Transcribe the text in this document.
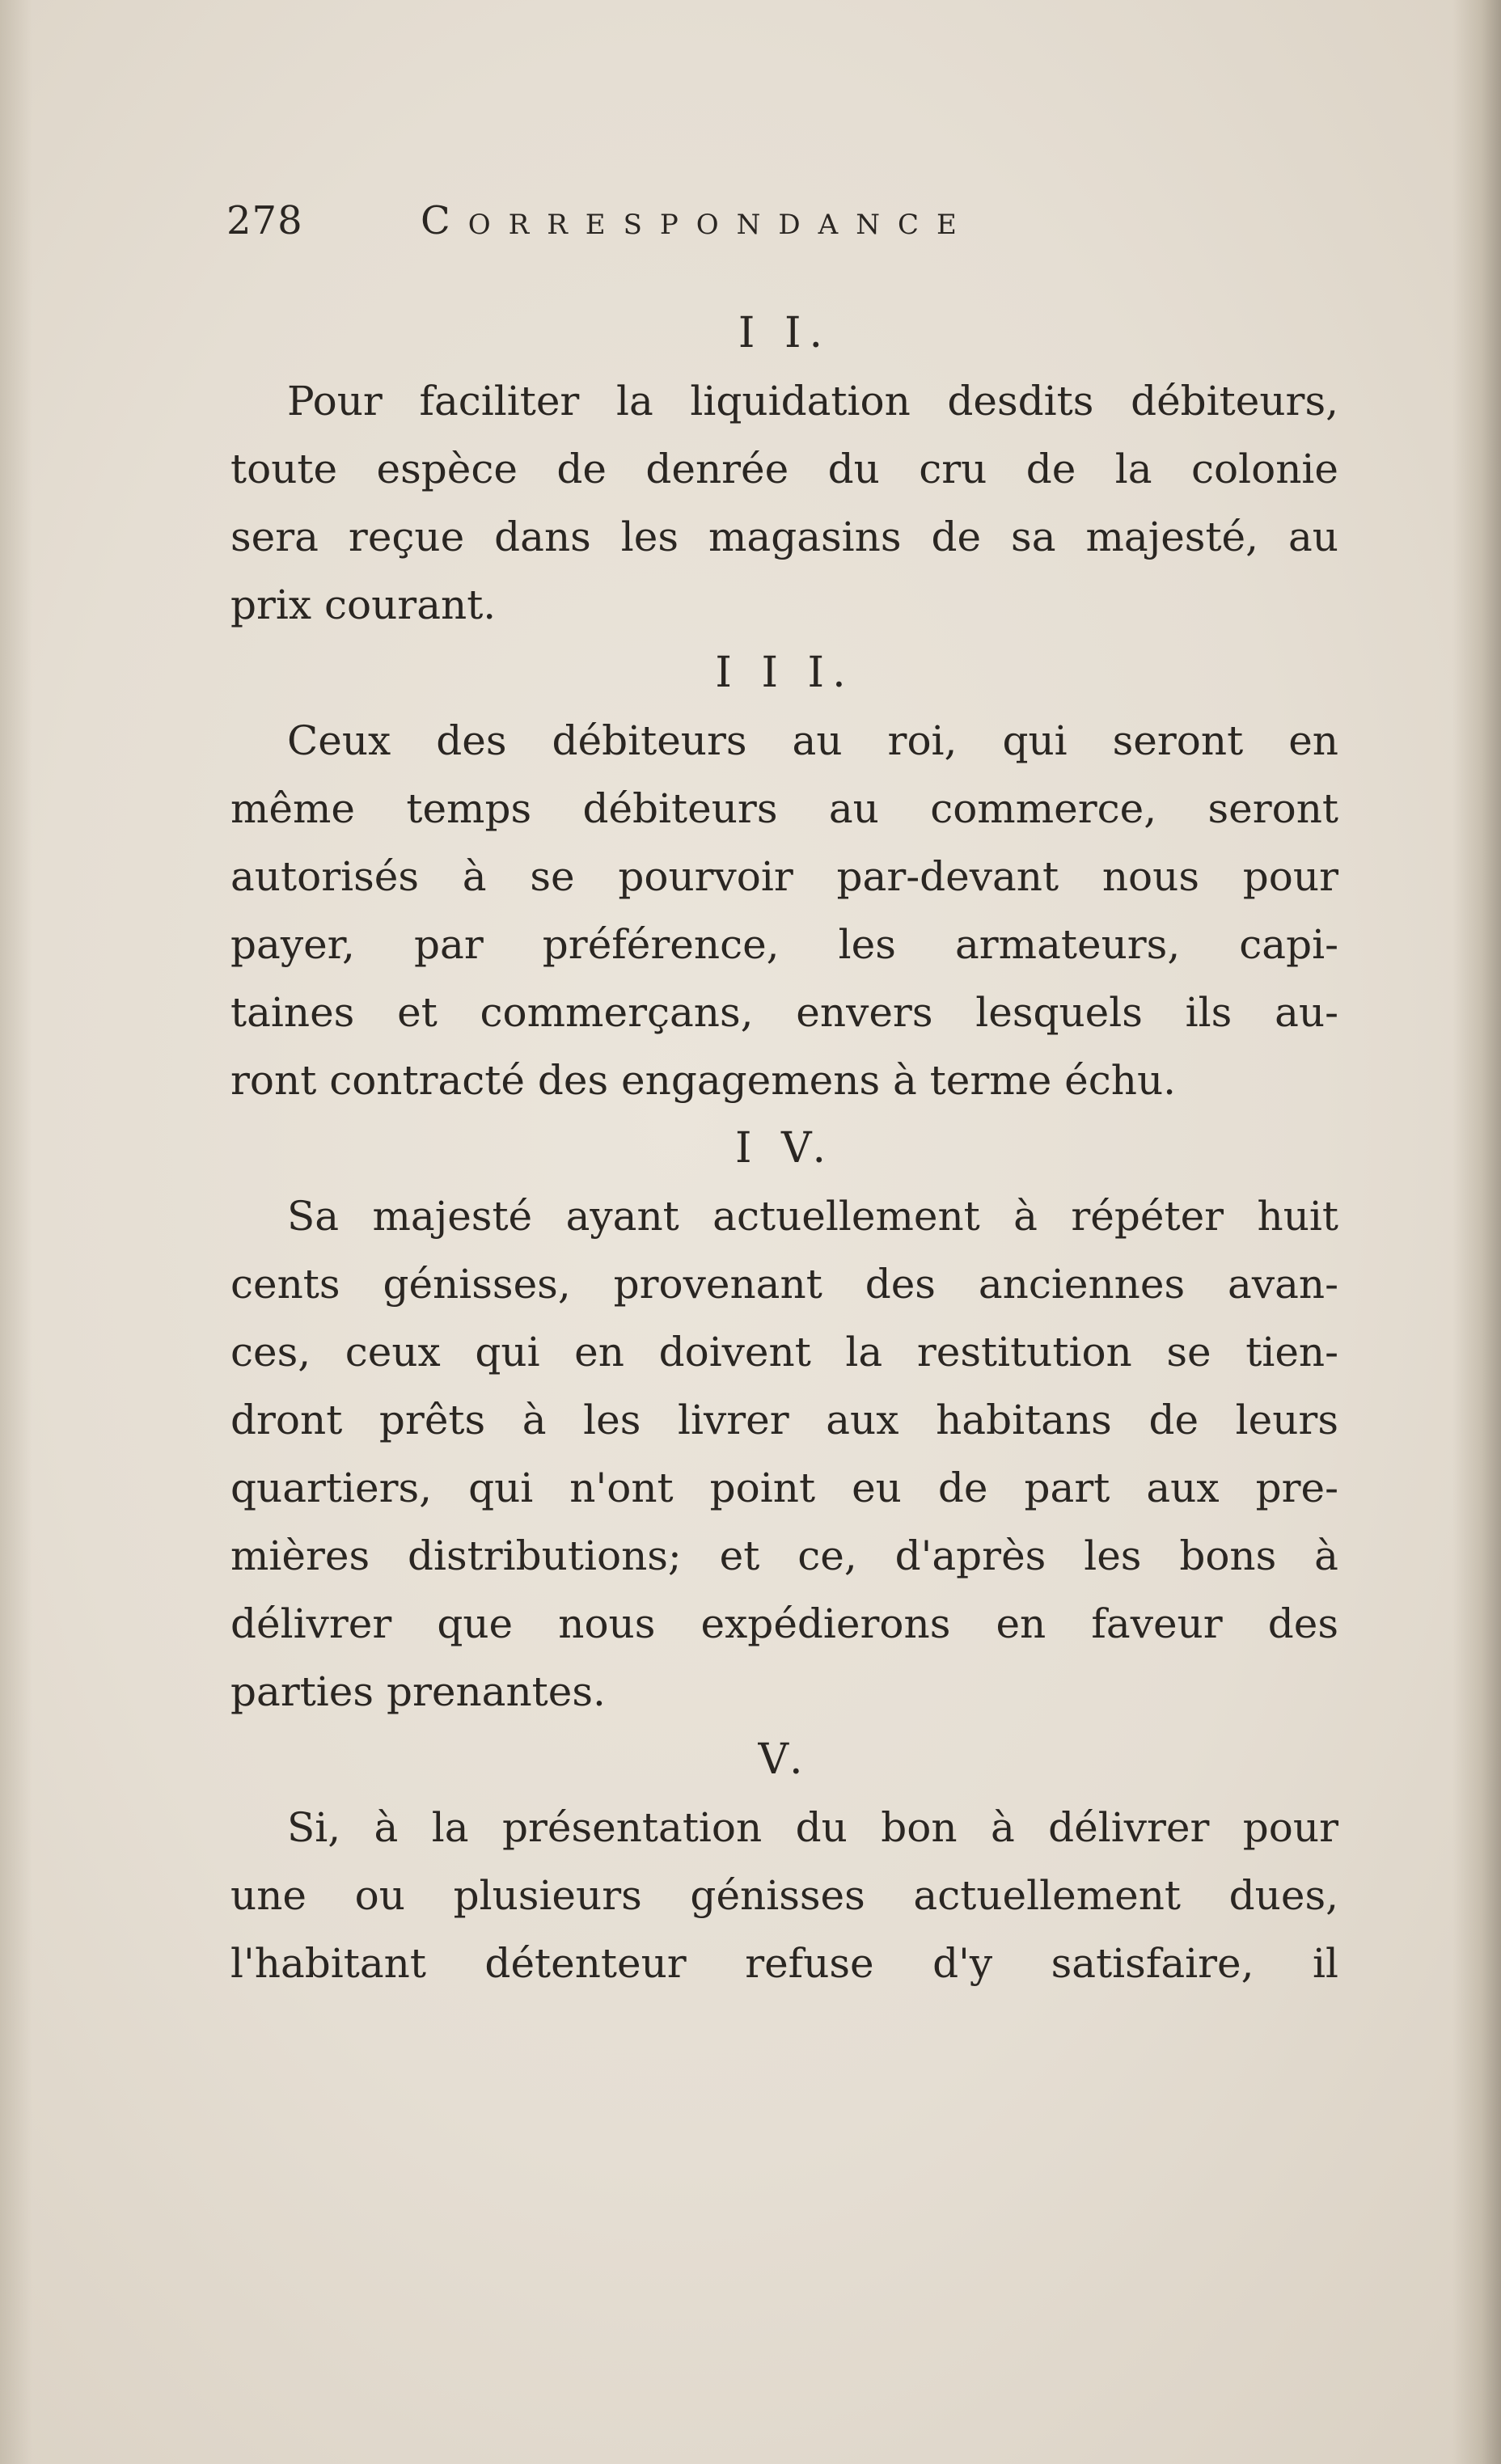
278	Correspondance
I I.
Pour faciliter la liquidation desdits débiteurs,
toute espèce de denrée du cru de la colonie
sera reçue dans les magasins de sa majesté, au
prix courant.
I I I.
Ceux des débiteurs au roi, qui seront en
même temps débiteurs au commerce, seront
autorisés à se pourvoir par-devant nous pour
payer, par préférence, les armateurs, capi-
taines et commerçans, envers lesquels ils au-
ront contracté des engagemens à terme échu.
I V.
Sa majesté ayant actuellement à répéter huit
cents génisses, provenant des anciennes avan-
ces, ceux qui en doivent la restitution se tien-
dront prêts à les livrer aux habitans de leurs
quartiers, qui n'ont point eu de part aux pre-
mières distributions; et ce, d'après les bons à
délivrer que nous expédierons en faveur des
parties prenantes.
V.
Si, à la présentation du bon à délivrer pour
une ou plusieurs génisses actuellement dues,
l'habitant détenteur refuse d'y satisfaire, il
